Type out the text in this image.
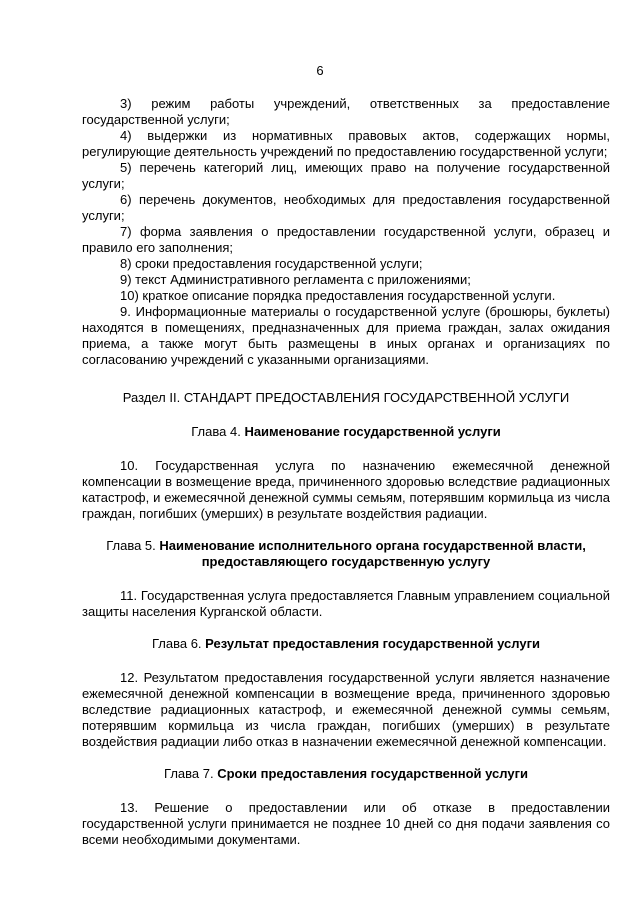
6

3) режим работы учреждений, ответственных за предоставление государственной услуги;

4) выдержки из нормативных правовых актов, содержащих нормы, регулирующие деятельность учреждений по предоставлению государственной услуги;

5) перечень категорий лиц, имеющих право на получение государственной услуги;

6) перечень документов, необходимых для предоставления государственной услуги;

7) форма заявления о предоставлении государственной услуги, образец и правило его заполнения;

8) сроки предоставления государственной услуги;

9) текст Административного регламента с приложениями;

10) краткое описание порядка предоставления государственной услуги.

9. Информационные материалы о государственной услуге (брошюры, буклеты) находятся в помещениях, предназначенных для приема граждан, залах ожидания приема, а также могут быть размещены в иных органах и организациях по согласованию учреждений с указанными организациями.

Раздел II. СТАНДАРТ ПРЕДОСТАВЛЕНИЯ ГОСУДАРСТВЕННОЙ УСЛУГИ
Глава 4. Наименование государственной услуги

10. Государственная услуга по назначению ежемесячной денежной компенсации в возмещение вреда, причиненного здоровью вследствие радиационных катастроф, и ежемесячной денежной суммы семьям, потерявшим кормильца из числа граждан, погибших (умерших) в результате воздействия радиации.

Глава 5. Наименование исполнительного органа государственной власти, предоставляющего государственную услугу

11. Государственная услуга предоставляется Главным управлением социальной защиты населения Курганской области.

Глава 6. Результат предоставления государственной услуги

12. Результатом предоставления государственной услуги является назначение ежемесячной денежной компенсации в возмещение вреда, причиненного здоровью вследствие радиационных катастроф, и ежемесячной денежной суммы семьям, потерявшим кормильца из числа граждан, погибших (умерших) в результате воздействия радиации либо отказ в назначении ежемесячной денежной компенсации.

Глава 7. Сроки предоставления государственной услуги

13. Решение о предоставлении или об отказе в предоставлении государственной услуги принимается не позднее 10 дней со дня подачи заявления со всеми необходимыми документами.
